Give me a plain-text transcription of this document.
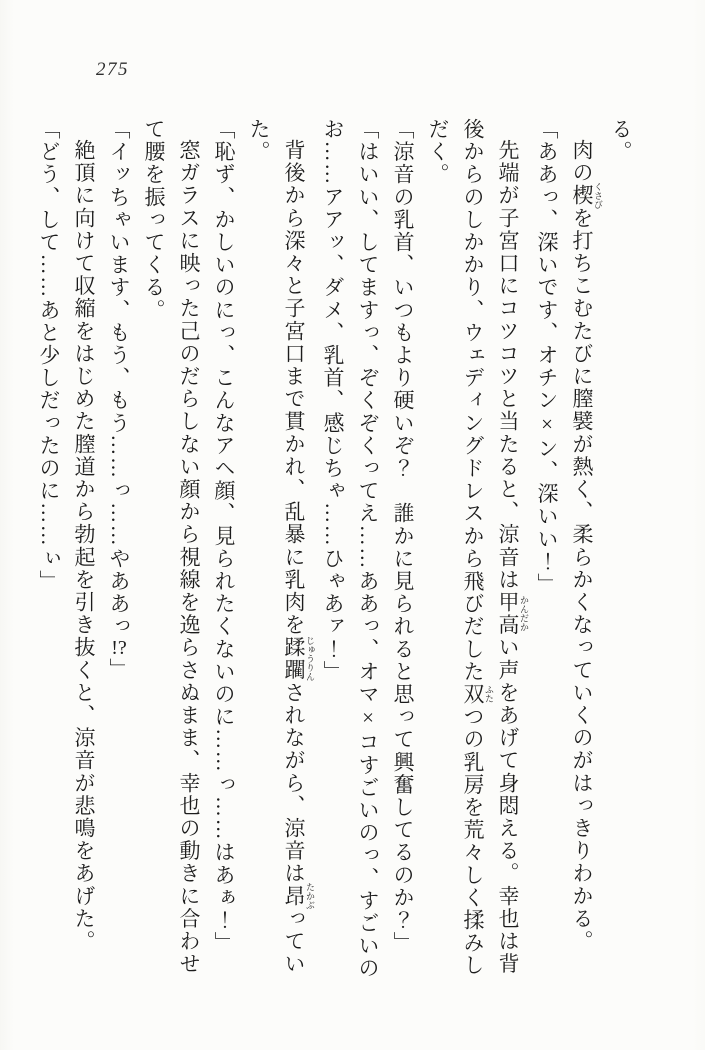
275

る。

肉の楔 くさびを打ちこむたびに膣襞が熱く、柔らかくなっていくのがはっきりわかる。

「ああっ、深いです、オチン×ン、深いい！」

先端が子宮口にコツコツと当たると、涼音は甲高 かんだかい声をあげて身悶える。幸也は背後からのしかかり、ウェディングドレスから飛びだした双 ふたつの乳房を荒々しく揉みしだく。

「涼音の乳首、いつもより硬いぞ？　誰かに見られると思って興奮してるのか？」

「はいい、してますっ、ぞくぞくってえ……ああっ、オマ×コすごいのっ、すごいのお……アアッ、ダメ、乳首、感じちゃ……ひゃあァ！」

背後から深々と子宮口まで貫かれ、乱暴に乳肉を蹂躙 じゅうりんされながら、涼音は昂 たかぶっていた。

「恥ず、かしいのにっ、こんなアヘ顔、見られたくないのに……っ……はあぁ！」

窓ガラスに映った己のだらしない顔から視線を逸らさぬまま、幸也の動きに合わせて腰を振ってくる。

「イッちゃいます、もう、もう……っ……やああっ!?」

絶頂に向けて収縮をはじめた膣道から勃起を引き抜くと、涼音が悲鳴をあげた。

「どう、して……あと少しだったのに……ぃ」
